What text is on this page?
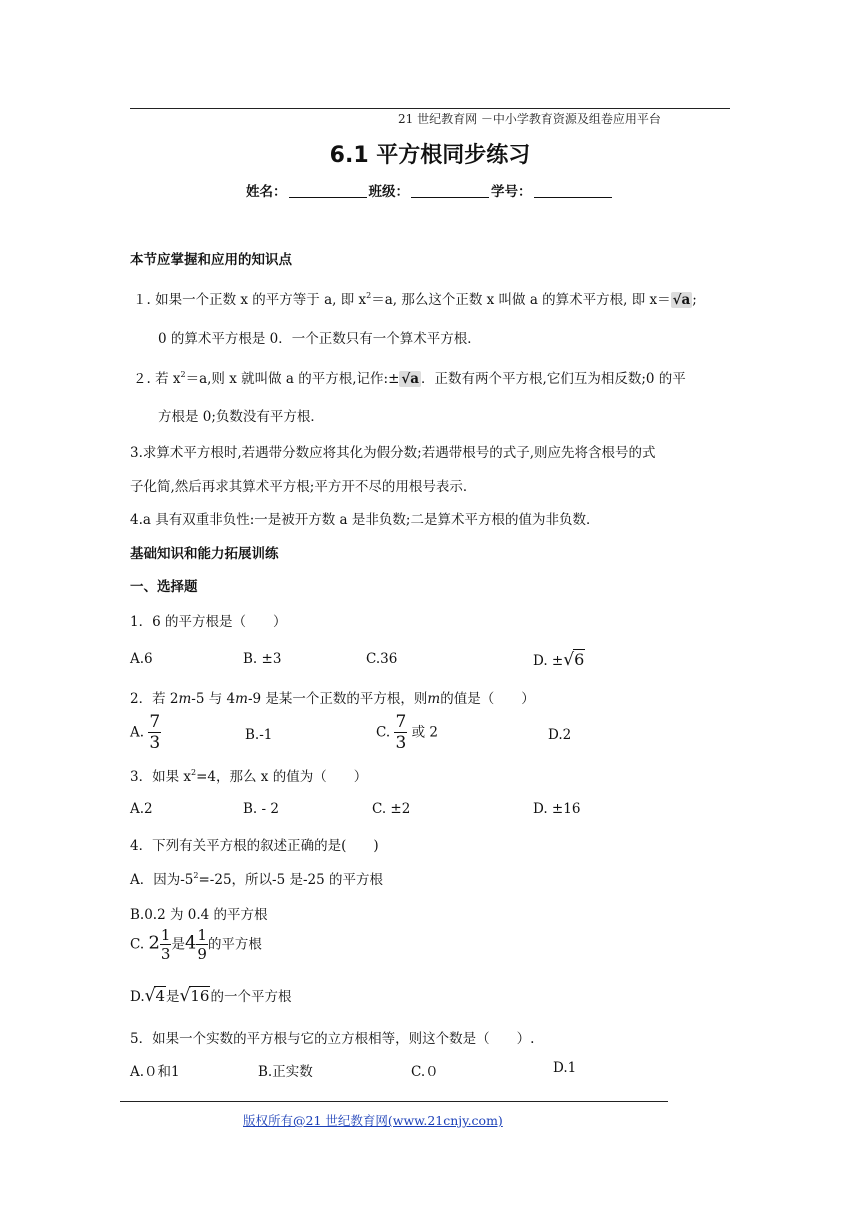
21 世纪教育网 －中小学教育资源及组卷应用平台
6.1 平方根同步练习
姓名：	班级：	学号：
本节应掌握和应用的知识点
１. 如果一个正数 x 的平方等于 a, 即 $x^2=a$, 那么这个正数 x 叫做 a 的算术平方根, 即 x＝ √a ;
0 的算术平方根是 0．一个正数只有一个算术平方根．
２. 若 $x^2=a$,则 x 就叫做 a 的平方根,记作:± √a ．正数有两个平方根,它们互为相反数;0 的平
方根是 0;负数没有平方根．
3.求算术平方根时,若遇带分数应将其化为假分数;若遇带根号的式子,则应先将含根号的式
子化简,然后再求其算术平方根;平方开不尽的用根号表示．
4.a 具有双重非负性:一是被开方数 a 是非负数;二是算术平方根的值为非负数．
基础知识和能力拓展训练
一、选择题
1．6 的平方根是（　　）
A.6	B. ±3	C.36	D. ±√6
2．若 2m-5 与 4m-9 是某一个正数的平方根，则m的值是（　　）
A. $\frac{7}{3}$	B.-1	C. $\frac{7}{3}$ 或 2	D.2
3．如果 $x^2=4$，那么 x 的值为（　　）
A.2	B. - 2	C. ±2	D. ±16
4．下列有关平方根的叙述正确的是(　　)
A．因为$-5^2=-25$，所以-5 是-25 的平方根
B.0.2 为 0.4 的平方根
C. $2 \frac{1}{3}$ 是$4 \frac{1}{9}$ 的平方根
D.√4是√16的一个平方根
5．如果一个实数的平方根与它的立方根相等，则这个数是（　　）.
A.０和1	B.正实数	C.０	D.1
版权所有@21 世纪教育网(www.21cnjy.com)
